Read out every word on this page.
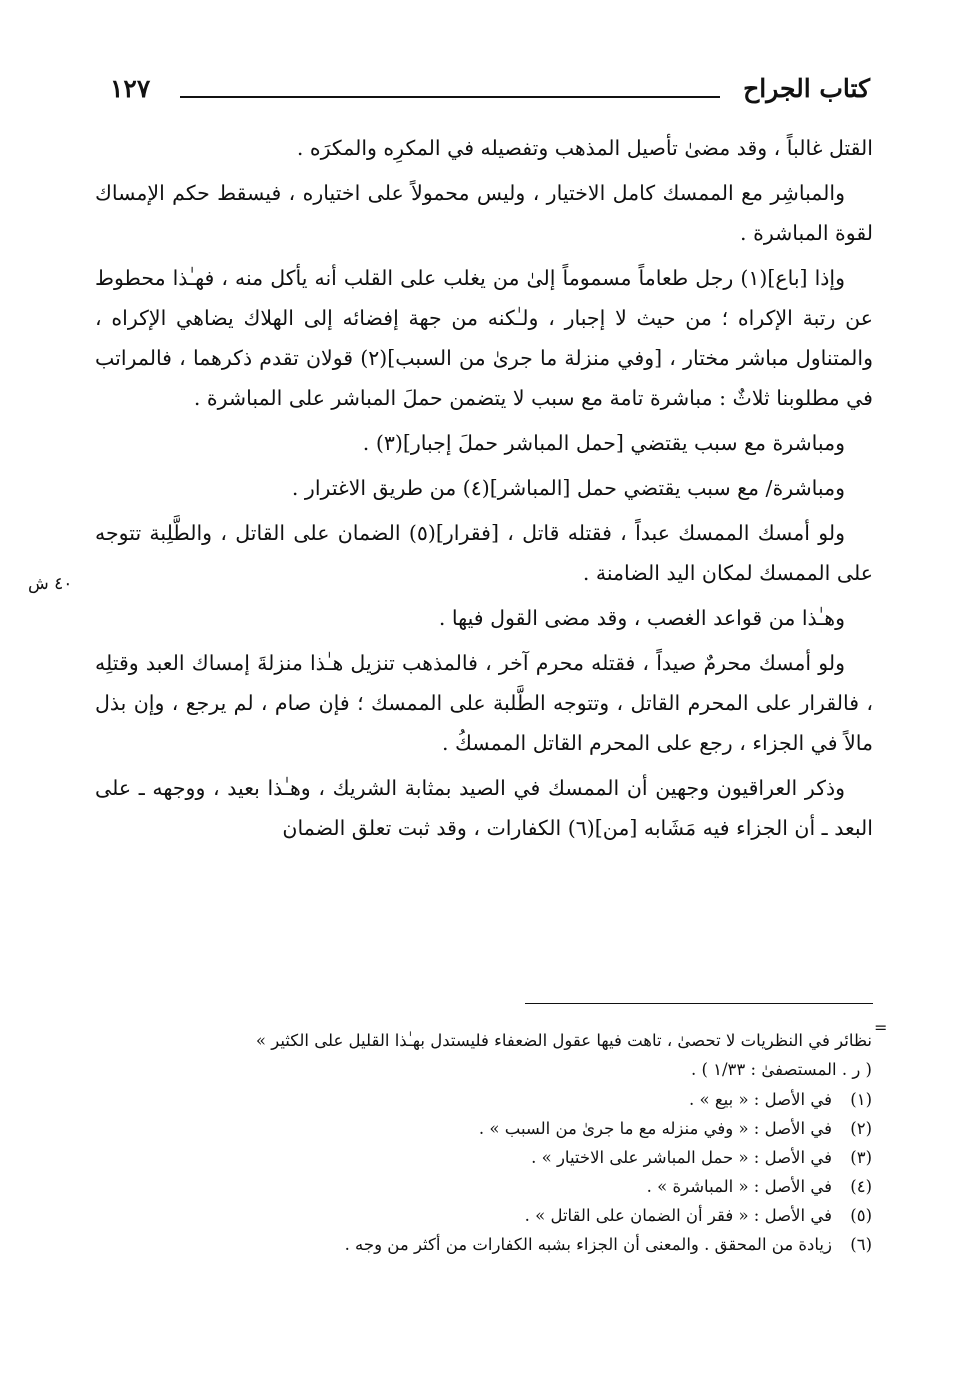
كتاب الجراح
١٢٧
٤٠ ش

القتل غالباً ، وقد مضىٰ تأصيل المذهب وتفصيله في المكرِه والمكرَه .

والمباشِر مع الممسك كامل الاختيار ، وليس محمولاً على اختياره ، فيسقط حكم الإمساك لقوة المباشرة .

وإذا [باع](١) رجل طعاماً مسموماً إلىٰ من يغلب على القلب أنه يأكل منه ، فهـٰذا محطوط عن رتبة الإكراه ؛ من حيث لا إجبار ، ولـٰكنه من جهة إفضائه إلى الهلاك يضاهي الإكراه ، والمتناول مباشر مختار ، [وفي منزلة ما جرىٰ من السبب](٢) قولان تقدم ذكرهما ، فالمراتب في مطلوبنا ثلاثٌ : مباشرة تامة مع سبب لا يتضمن حملَ المباشر على المباشرة .

ومباشرة مع سبب يقتضي [حمل المباشر حملَ إجبار](٣) .

ومباشرة/ مع سبب يقتضي حمل [المباشر](٤) من طريق الاغترار .

ولو أمسك الممسك عبداً ، فقتله قاتل ، [فقرار](٥) الضمان على القاتل ، والطَّلِبة تتوجه على الممسك لمكان اليد الضامنة .

وهـٰذا من قواعد الغصب ، وقد مضى القول فيها .

ولو أمسك محرمٌ صيداً ، فقتله محرم آخر ، فالمذهب تنزيل هـٰذا منزلةَ إمساك العبد وقتلِه ، فالقرار على المحرم القاتل ، وتتوجه الطَّلبة على الممسك ؛ فإن صام ، لم يرجع ، وإن بذل مالاً في الجزاء ، رجع على المحرم القاتل الممسكُ .

وذكر العراقيون وجهين أن الممسك في الصيد بمثابة الشريك ، وهـٰذا بعيد ، ووجهه ـ على البعد ـ أن الجزاء فيه مَشَابه [من](٦) الكفارات ، وقد ثبت تعلق الضمان

=

نظائر في النظريات لا تحصىٰ ، تاهت فيها عقول الضعفاء فليستدل بهـٰذا القليل على الكثير » ( ر . المستصفىٰ : ١/٣٣ ) .

(١)
في الأصل : « بيع » .
(٢)
في الأصل : « وفي منزله مع ما جرىٰ من السبب » .
(٣)
في الأصل : « حمل المباشر على الاختيار » .
(٤)
في الأصل : « المباشرة » .
(٥)
في الأصل : « فقر أن الضمان على القاتل » .
(٦)
زيادة من المحقق . والمعنى أن الجزاء بشبه الكفارات من أكثر من وجه .
